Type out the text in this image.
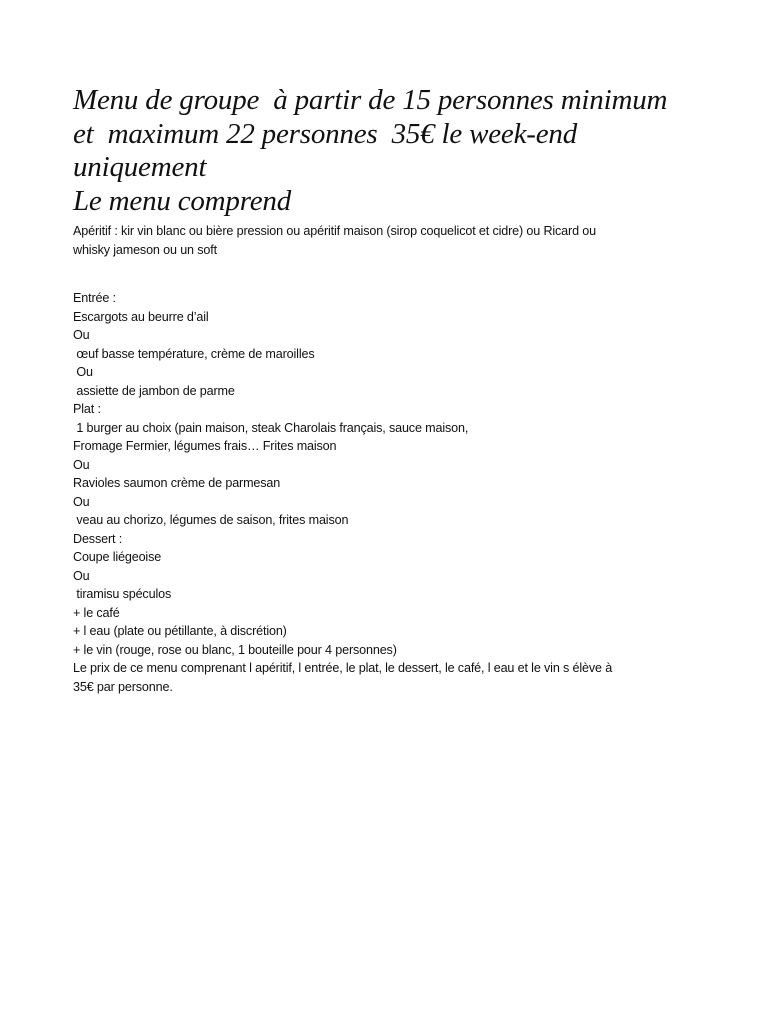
Menu de groupe  à partir de 15 personnes minimum
et  maximum 22 personnes  35€ le week-end
uniquement
Le menu comprend
Apéritif : kir vin blanc ou bière pression ou apéritif maison (sirop coquelicot et cidre) ou Ricard ou
whisky jameson ou un soft
Entrée :
Escargots au beurre d’ail
Ou
œuf basse température, crème de maroilles
Ou
assiette de jambon de parme
Plat :
1 burger au choix (pain maison, steak Charolais français, sauce maison,
Fromage Fermier, légumes frais… Frites maison
Ou
Ravioles saumon crème de parmesan
Ou
veau au chorizo, légumes de saison, frites maison
Dessert :
Coupe liégeoise
Ou
tiramisu spéculos
+ le café
+ l eau (plate ou pétillante, à discrétion)
+ le vin (rouge, rose ou blanc, 1 bouteille pour 4 personnes)
Le prix de ce menu comprenant l apéritif, l entrée, le plat, le dessert, le café, l eau et le vin s élève à
35€ par personne.
